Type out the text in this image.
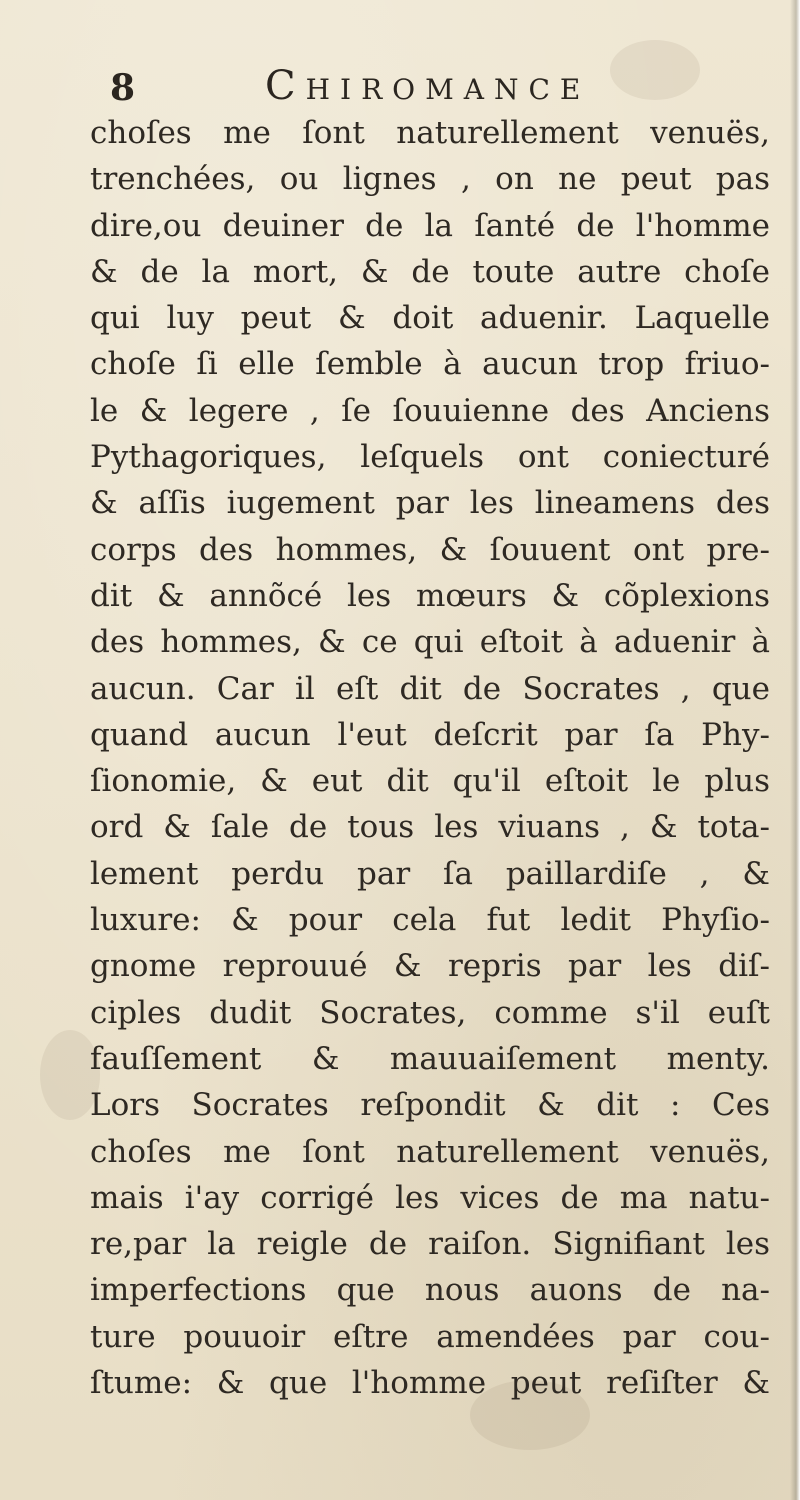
8	Chiromance
choſes me ſont naturellement venuës,
trenchées, ou lignes , on ne peut pas
dire,ou deuiner de la ſanté de l'homme
& de la mort, & de toute autre choſe
qui luy peut & doit aduenir. Laquelle
choſe ſi elle ſemble à aucun trop friuo-
le & legere , ſe ſouuienne des Anciens
Pythagoriques, leſquels ont coniecturé
& aſſis iugement par les lineamens des
corps des hommes, & ſouuent ont pre-
dit & annõcé les mœurs & cõplexions
des hommes, & ce qui eſtoit à aduenir à
aucun. Car il eſt dit de Socrates , que
quand aucun l'eut deſcrit par ſa Phy-
ſionomie, & eut dit qu'il eſtoit le plus
ord & ſale de tous les viuans , & tota-
lement perdu par ſa paillardiſe , &
luxure: & pour cela fut ledit Phyſio-
gnome reprouué & repris par les diſ-
ciples dudit Socrates, comme s'il euſt
fauſſement & mauuaiſement menty.
Lors Socrates reſpondit & dit : Ces
choſes me ſont naturellement venuës,
mais i'ay corrigé les vices de ma natu-
re,par la reigle de raiſon. Signifiant les
imperfections que nous auons de na-
ture pouuoir eſtre amendées par cou-
ſtume: & que l'homme peut reſiſter &
